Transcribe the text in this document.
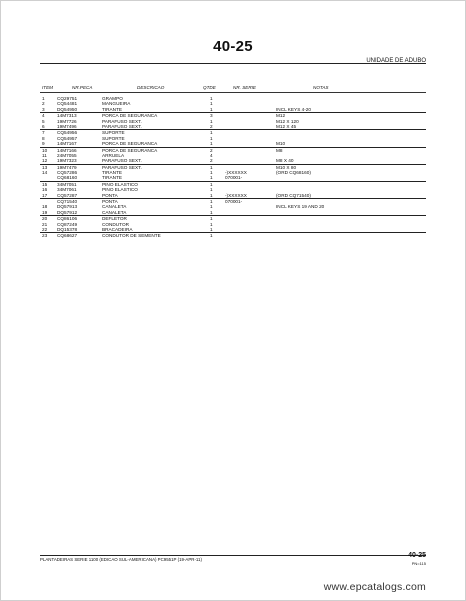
40-25
UNIDADE DE ADUBO
ITEM	NR.PECA	DESCRICAO	QTDE	NR. SERIE	NOTAS
1	CQ29751	GRAMPO	1
2	CQ54481	MANGUEIRA	1
3	DQ54950	TIRANTE	1	INCL KEYS 4-20
4	14M7313	PORCA DE SEGURANCA	3	M12
5	19M7726	PARAFUSO SEXT.	1	M12 X 120
6	19M7496	PARAFUSO SEXT.	2	M12 X 45
7	CQ54956	SUPORTE	1
8	CQ54957	SUPORTE	1
9	14M7167	PORCA DE SEGURANCA	1	M10
10 14M7166	PORCA DE SEGURANCA	2	M8
11 24M7055	ARRUELA	4
12 19M7323	PARAFUSO SEXT.	2	M8 X 40
13 19M7479	PARAFUSO SEXT.	1	M10 X 80
14 CQ57286	TIRANTE	1	-)XXXXXX	(ORD CQ68160)
CQ68160	TIRANTE	1	070001-
15 34M7051	PINO ELASTICO	1
16 34M7061	PINO ELASTICO	1
17 CQ57287	PONTA	1	-)XXXXXX	(ORD CQ71540)
CQ71540	PONTA	1	070001-
18 DQ57913	CANALETA	1	INCL KEYS 19 AND 20
19 DQ57912	CANALETA	1
20 CQ86106	DEFLETOR	1
21 CQ87249	CONDUTOR	1
22 DQ15378	BRACADEIRA	1
23 CQ68627	CONDUTOR DE SEMENTE	1
PLANTADEIRAS SERIE 1100 (EDICAO SUL-AMERICANA) PC9551P (19-APR-11)
40-25
PN=115
www.epcatalogs.com
